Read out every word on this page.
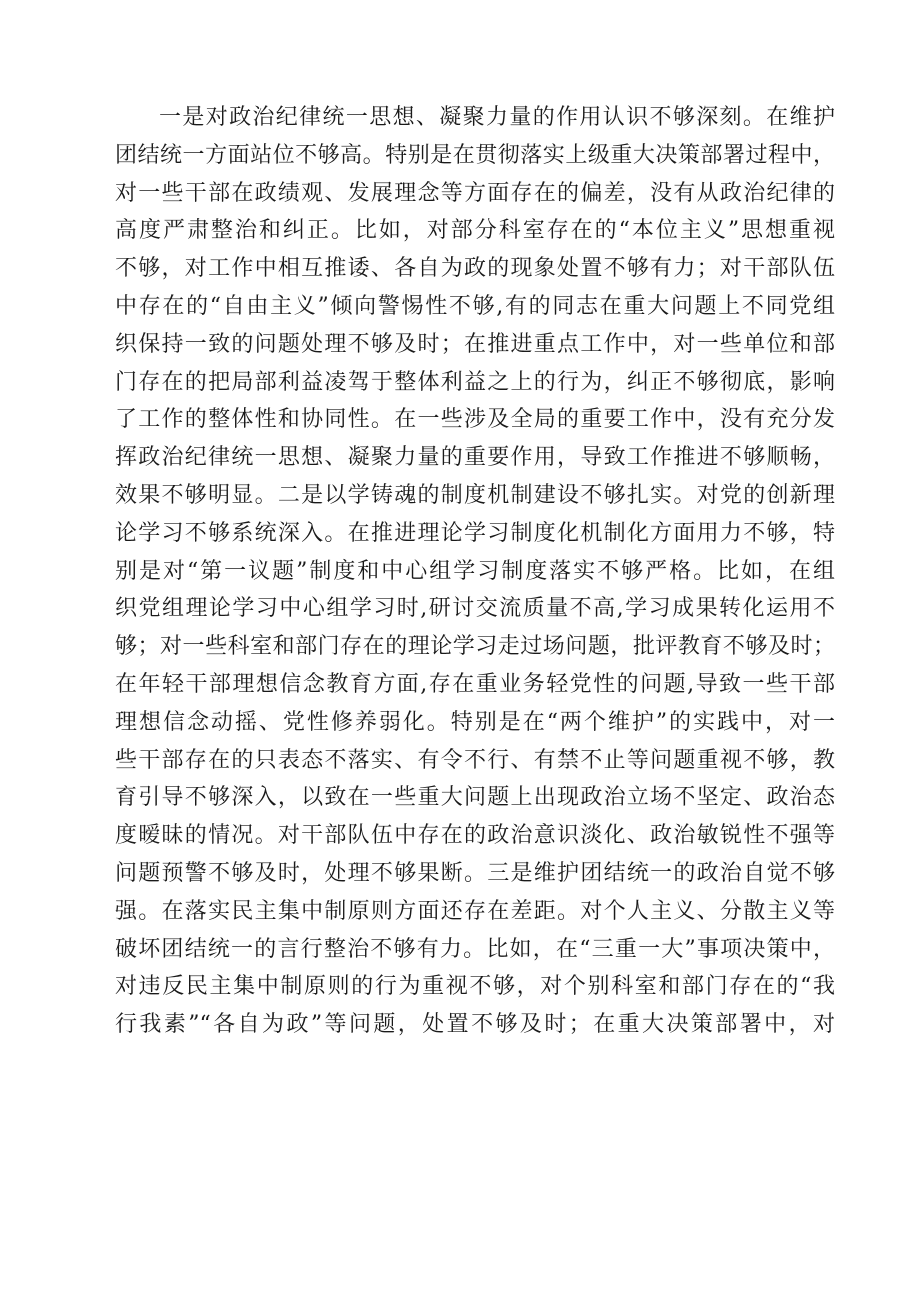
一是对政治纪律统一思想、凝聚力量的作用认识不够深刻。在维护
团结统一方面站位不够高。特别是在贯彻落实上级重大决策部署过程中，
对一些干部在政绩观、发展理念等方面存在的偏差，没有从政治纪律的
高度严肃整治和纠正。比如，对部分科室存在的“本位主义”思想重视
不够，对工作中相互推诿、各自为政的现象处置不够有力；对干部队伍
中存在的“自由主义”倾向警惕性不够,有的同志在重大问题上不同党组
织保持一致的问题处理不够及时；在推进重点工作中，对一些单位和部
门存在的把局部利益凌驾于整体利益之上的行为，纠正不够彻底，影响
了工作的整体性和协同性。在一些涉及全局的重要工作中，没有充分发
挥政治纪律统一思想、凝聚力量的重要作用，导致工作推进不够顺畅，
效果不够明显。二是以学铸魂的制度机制建设不够扎实。对党的创新理
论学习不够系统深入。在推进理论学习制度化机制化方面用力不够，特
别是对“第一议题”制度和中心组学习制度落实不够严格。比如，在组
织党组理论学习中心组学习时,研讨交流质量不高,学习成果转化运用不
够；对一些科室和部门存在的理论学习走过场问题，批评教育不够及时；
在年轻干部理想信念教育方面,存在重业务轻党性的问题,导致一些干部
理想信念动摇、党性修养弱化。特别是在“两个维护”的实践中，对一
些干部存在的只表态不落实、有令不行、有禁不止等问题重视不够，教
育引导不够深入，以致在一些重大问题上出现政治立场不坚定、政治态
度暧昧的情况。对干部队伍中存在的政治意识淡化、政治敏锐性不强等
问题预警不够及时，处理不够果断。三是维护团结统一的政治自觉不够
强。在落实民主集中制原则方面还存在差距。对个人主义、分散主义等
破坏团结统一的言行整治不够有力。比如，在“三重一大”事项决策中，
对违反民主集中制原则的行为重视不够，对个别科室和部门存在的“我
行我素”“各自为政”等问题，处置不够及时；在重大决策部署中，对
